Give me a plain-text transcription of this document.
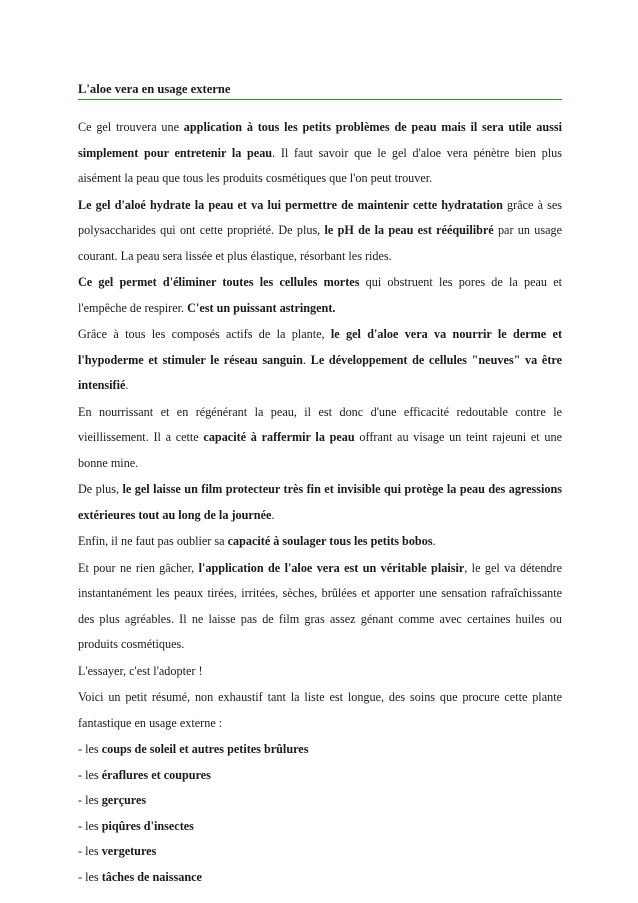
L'aloe vera en usage externe

Ce gel trouvera une application à tous les petits problèmes de peau mais il sera utile aussi simplement pour entretenir la peau. Il faut savoir que le gel d'aloe vera pénètre bien plus aisément la peau que tous les produits cosmétiques que l'on peut trouver.

Le gel d'aloé hydrate la peau et va lui permettre de maintenir cette hydratation grâce à ses polysaccharides qui ont cette propriété. De plus, le pH de la peau est rééquilibré par un usage courant. La peau sera lissée et plus élastique, résorbant les rides.

Ce gel permet d'éliminer toutes les cellules mortes qui obstruent les pores de la peau et l'empêche de respirer. C'est un puissant astringent.

Grâce à tous les composés actifs de la plante, le gel d'aloe vera va nourrir le derme et l'hypoderme et stimuler le réseau sanguin. Le développement de cellules "neuves" va être intensifié.

En nourrissant et en régénérant la peau, il est donc d'une efficacité redoutable contre le vieillissement. Il a cette capacité à raffermir la peau offrant au visage un teint rajeuni et une bonne mine.

De plus, le gel laisse un film protecteur très fin et invisible qui protège la peau des agressions extérieures tout au long de la journée.

Enfin, il ne faut pas oublier sa capacité à soulager tous les petits bobos.

Et pour ne rien gâcher, l'application de l'aloe vera est un véritable plaisir, le gel va détendre instantanément les peaux tirées, irritées, sèches, brûlées et apporter une sensation rafraîchissante des plus agréables. Il ne laisse pas de film gras assez génant comme avec certaines huiles ou produits cosmétiques.

L'essayer, c'est l'adopter !

Voici un petit résumé, non exhaustif tant la liste est longue, des soins que procure cette plante fantastique en usage externe :

- les coups de soleil et autres petites brûlures
- les éraflures et coupures
- les gerçures
- les piqûres d'insectes
- les vergetures
- les tâches de naissance
